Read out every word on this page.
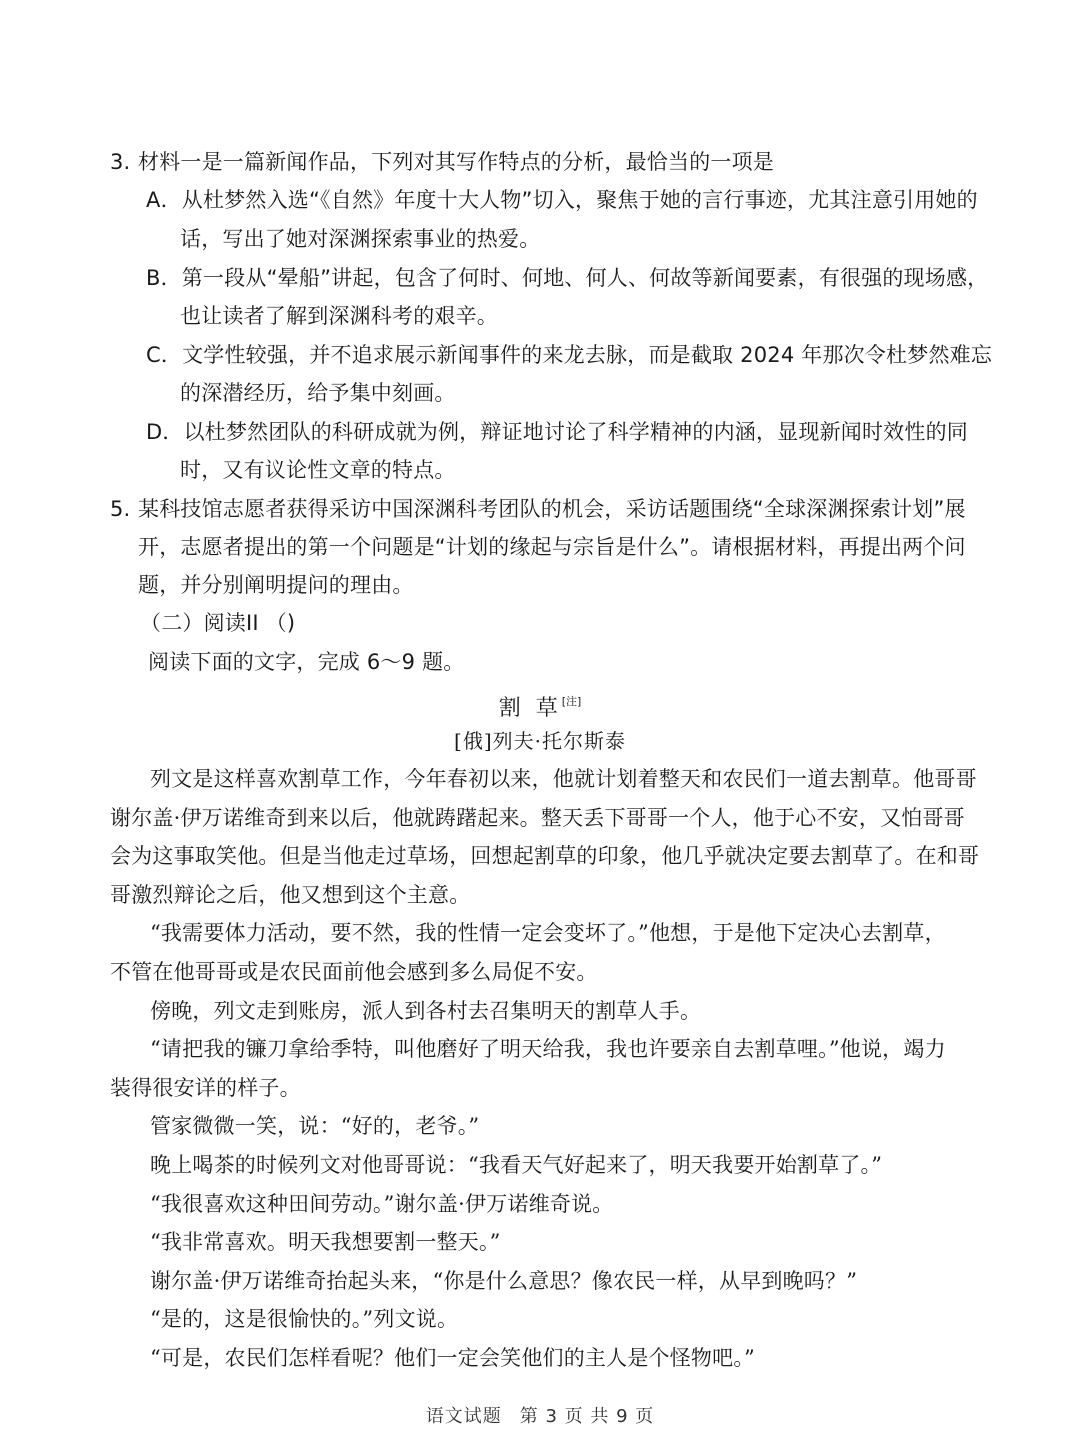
3. 材料一是一篇新闻作品，下列对其写作特点的分析，最恰当的一项是
A．从杜梦然入选“《自然》年度十大人物”切入，聚焦于她的言行事迹，尤其注意引用她的
话，写出了她对深渊探索事业的热爱。
B．第一段从“晕船”讲起，包含了何时、何地、何人、何故等新闻要素，有很强的现场感，
也让读者了解到深渊科考的艰辛。
C．文学性较强，并不追求展示新闻事件的来龙去脉，而是截取 2024 年那次令杜梦然难忘
的深潜经历，给予集中刻画。
D．以杜梦然团队的科研成就为例，辩证地讨论了科学精神的内涵，显现新闻时效性的同
时，又有议论性文章的特点。
5. 某科技馆志愿者获得采访中国深渊科考团队的机会，采访话题围绕“全球深渊探索计划”展
开，志愿者提出的第一个问题是“计划的缘起与宗旨是什么”。请根据材料，再提出两个问
题，并分别阐明提问的理由。
（二）阅读II （)
阅读下面的文字，完成 6～9 题。
割 草[注]
[俄]列夫·托尔斯泰
列文是这样喜欢割草工作，今年春初以来，他就计划着整天和农民们一道去割草。他哥哥
谢尔盖·伊万诺维奇到来以后，他就踌躇起来。整天丢下哥哥一个人，他于心不安，又怕哥哥
会为这事取笑他。但是当他走过草场，回想起割草的印象，他几乎就决定要去割草了。在和哥
哥激烈辩论之后，他又想到这个主意。
“我需要体力活动，要不然，我的性情一定会变坏了。”他想，于是他下定决心去割草，
不管在他哥哥或是农民面前他会感到多么局促不安。
傍晚，列文走到账房，派人到各村去召集明天的割草人手。
“请把我的镰刀拿给季特，叫他磨好了明天给我，我也许要亲自去割草哩。”他说，竭力
装得很安详的样子。
管家微微一笑，说：“好的，老爷。”
晚上喝茶的时候列文对他哥哥说：“我看天气好起来了，明天我要开始割草了。”
“我很喜欢这种田间劳动。”谢尔盖·伊万诺维奇说。
“我非常喜欢。明天我想要割一整天。”
谢尔盖·伊万诺维奇抬起头来，“你是什么意思？像农民一样，从早到晚吗？”
“是的，这是很愉快的。”列文说。
“可是，农民们怎样看呢？他们一定会笑他们的主人是个怪物吧。”
语文试题 第 3 页 共 9 页
